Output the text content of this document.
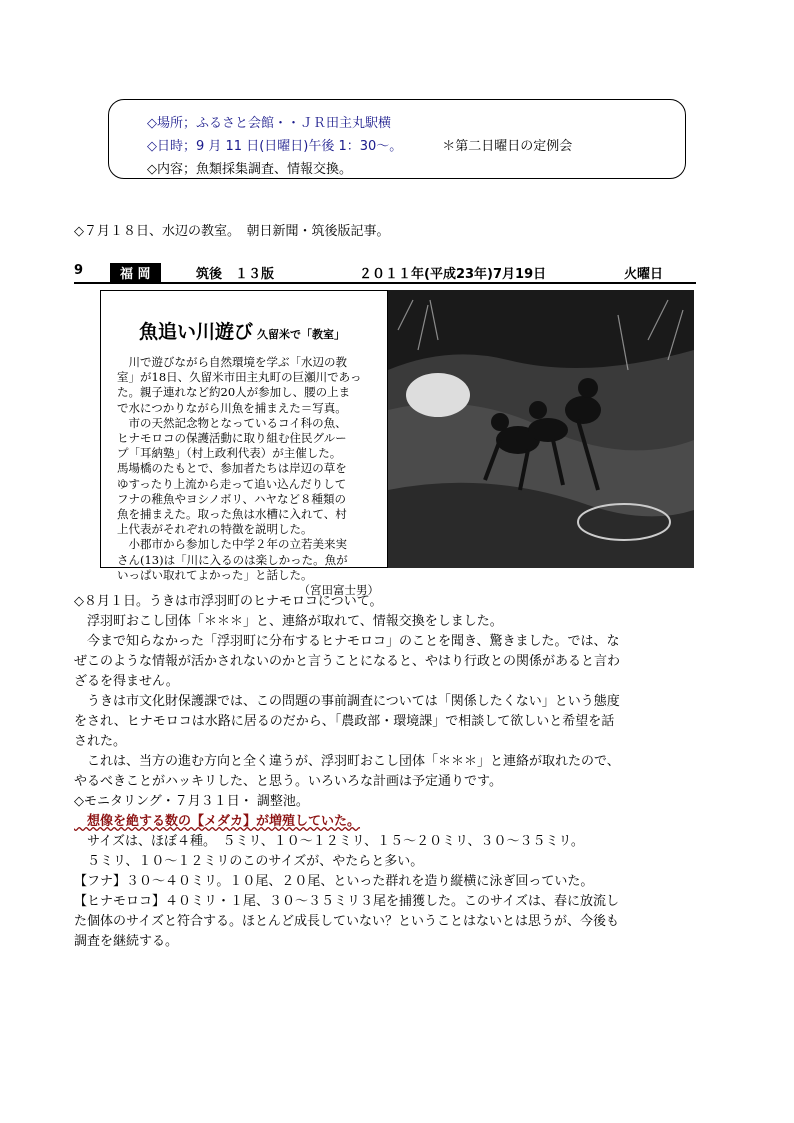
◇場所；ふるさと会館・・ＪＲ田主丸駅横
◇日時；9 月 11 日(日曜日)午後 1：30～。	＊第二日曜日の定例会
◇内容；魚類採集調査、情報交換。
◇７月１８日、水辺の教室。　朝日新聞・筑後版記事。
9	福 岡	筑後　１３版	２０１１年(平成23年)7月19日	火曜日
魚追い川遊び 久留米で「教室」

　川で遊びながら自然環境を学ぶ「水辺の教

室」が18日、久留米市田主丸町の巨瀬川であっ

た。親子連れなど約20人が参加し、腰の上ま

で水につかりながら川魚を捕まえた＝写真。

　市の天然記念物となっているコイ科の魚、

ヒナモロコの保護活動に取り組む住民グルー

プ「耳納塾」（村上政利代表）が主催した。

馬場橋のたもとで、参加者たちは岸辺の草を

ゆすったり上流から走って追い込んだりして

フナの稚魚やヨシノボリ、ハヤなど８種類の

魚を捕まえた。取った魚は水槽に入れて、村

上代表がそれぞれの特徴を説明した。

　小郡市から参加した中学２年の立若美来実

さん(13)は「川に入るのは楽しかった。魚が

いっぱい取れてよかった」と話した。

（宮田富士男）

◇８月１日。うきは市浮羽町のヒナモロコについて。

　浮羽町おこし団体「＊＊＊」と、連絡が取れて、情報交換をしました。

　今まで知らなかった「浮羽町に分布するヒナモロコ」のことを聞き、驚きました。では、な

ぜこのような情報が活かされないのかと言うことになると、やはり行政との関係があると言わ

ざるを得ません。

　うきは市文化財保護課では、この問題の事前調査については「関係したくない」という態度

をされ、ヒナモロコは水路に居るのだから、「農政部・環境課」で相談して欲しいと希望を話

された。

　これは、当方の進む方向と全く違うが、浮羽町おこし団体「＊＊＊」と連絡が取れたので、

やるべきことがハッキリした、と思う。いろいろな計画は予定通りです。

◇モニタリング・７月３１日・ 調整池。

　想像を絶する数の【メダカ】が増殖していた。

　サイズは、ほぼ４種。　５ミリ、１０～１２ミリ、１５～２０ミリ、３０～３５ミリ。

　５ミリ、１０～１２ミリのこのサイズが、やたらと多い。

【フナ】３０～４０ミリ。１０尾、２０尾、といった群れを造り縦横に泳ぎ回っていた。

【ヒナモロコ】４０ミリ・１尾、３０～３５ミリ３尾を捕獲した。このサイズは、春に放流し

た個体のサイズと符合する。ほとんど成長していない？ということはないとは思うが、今後も

調査を継続する。
